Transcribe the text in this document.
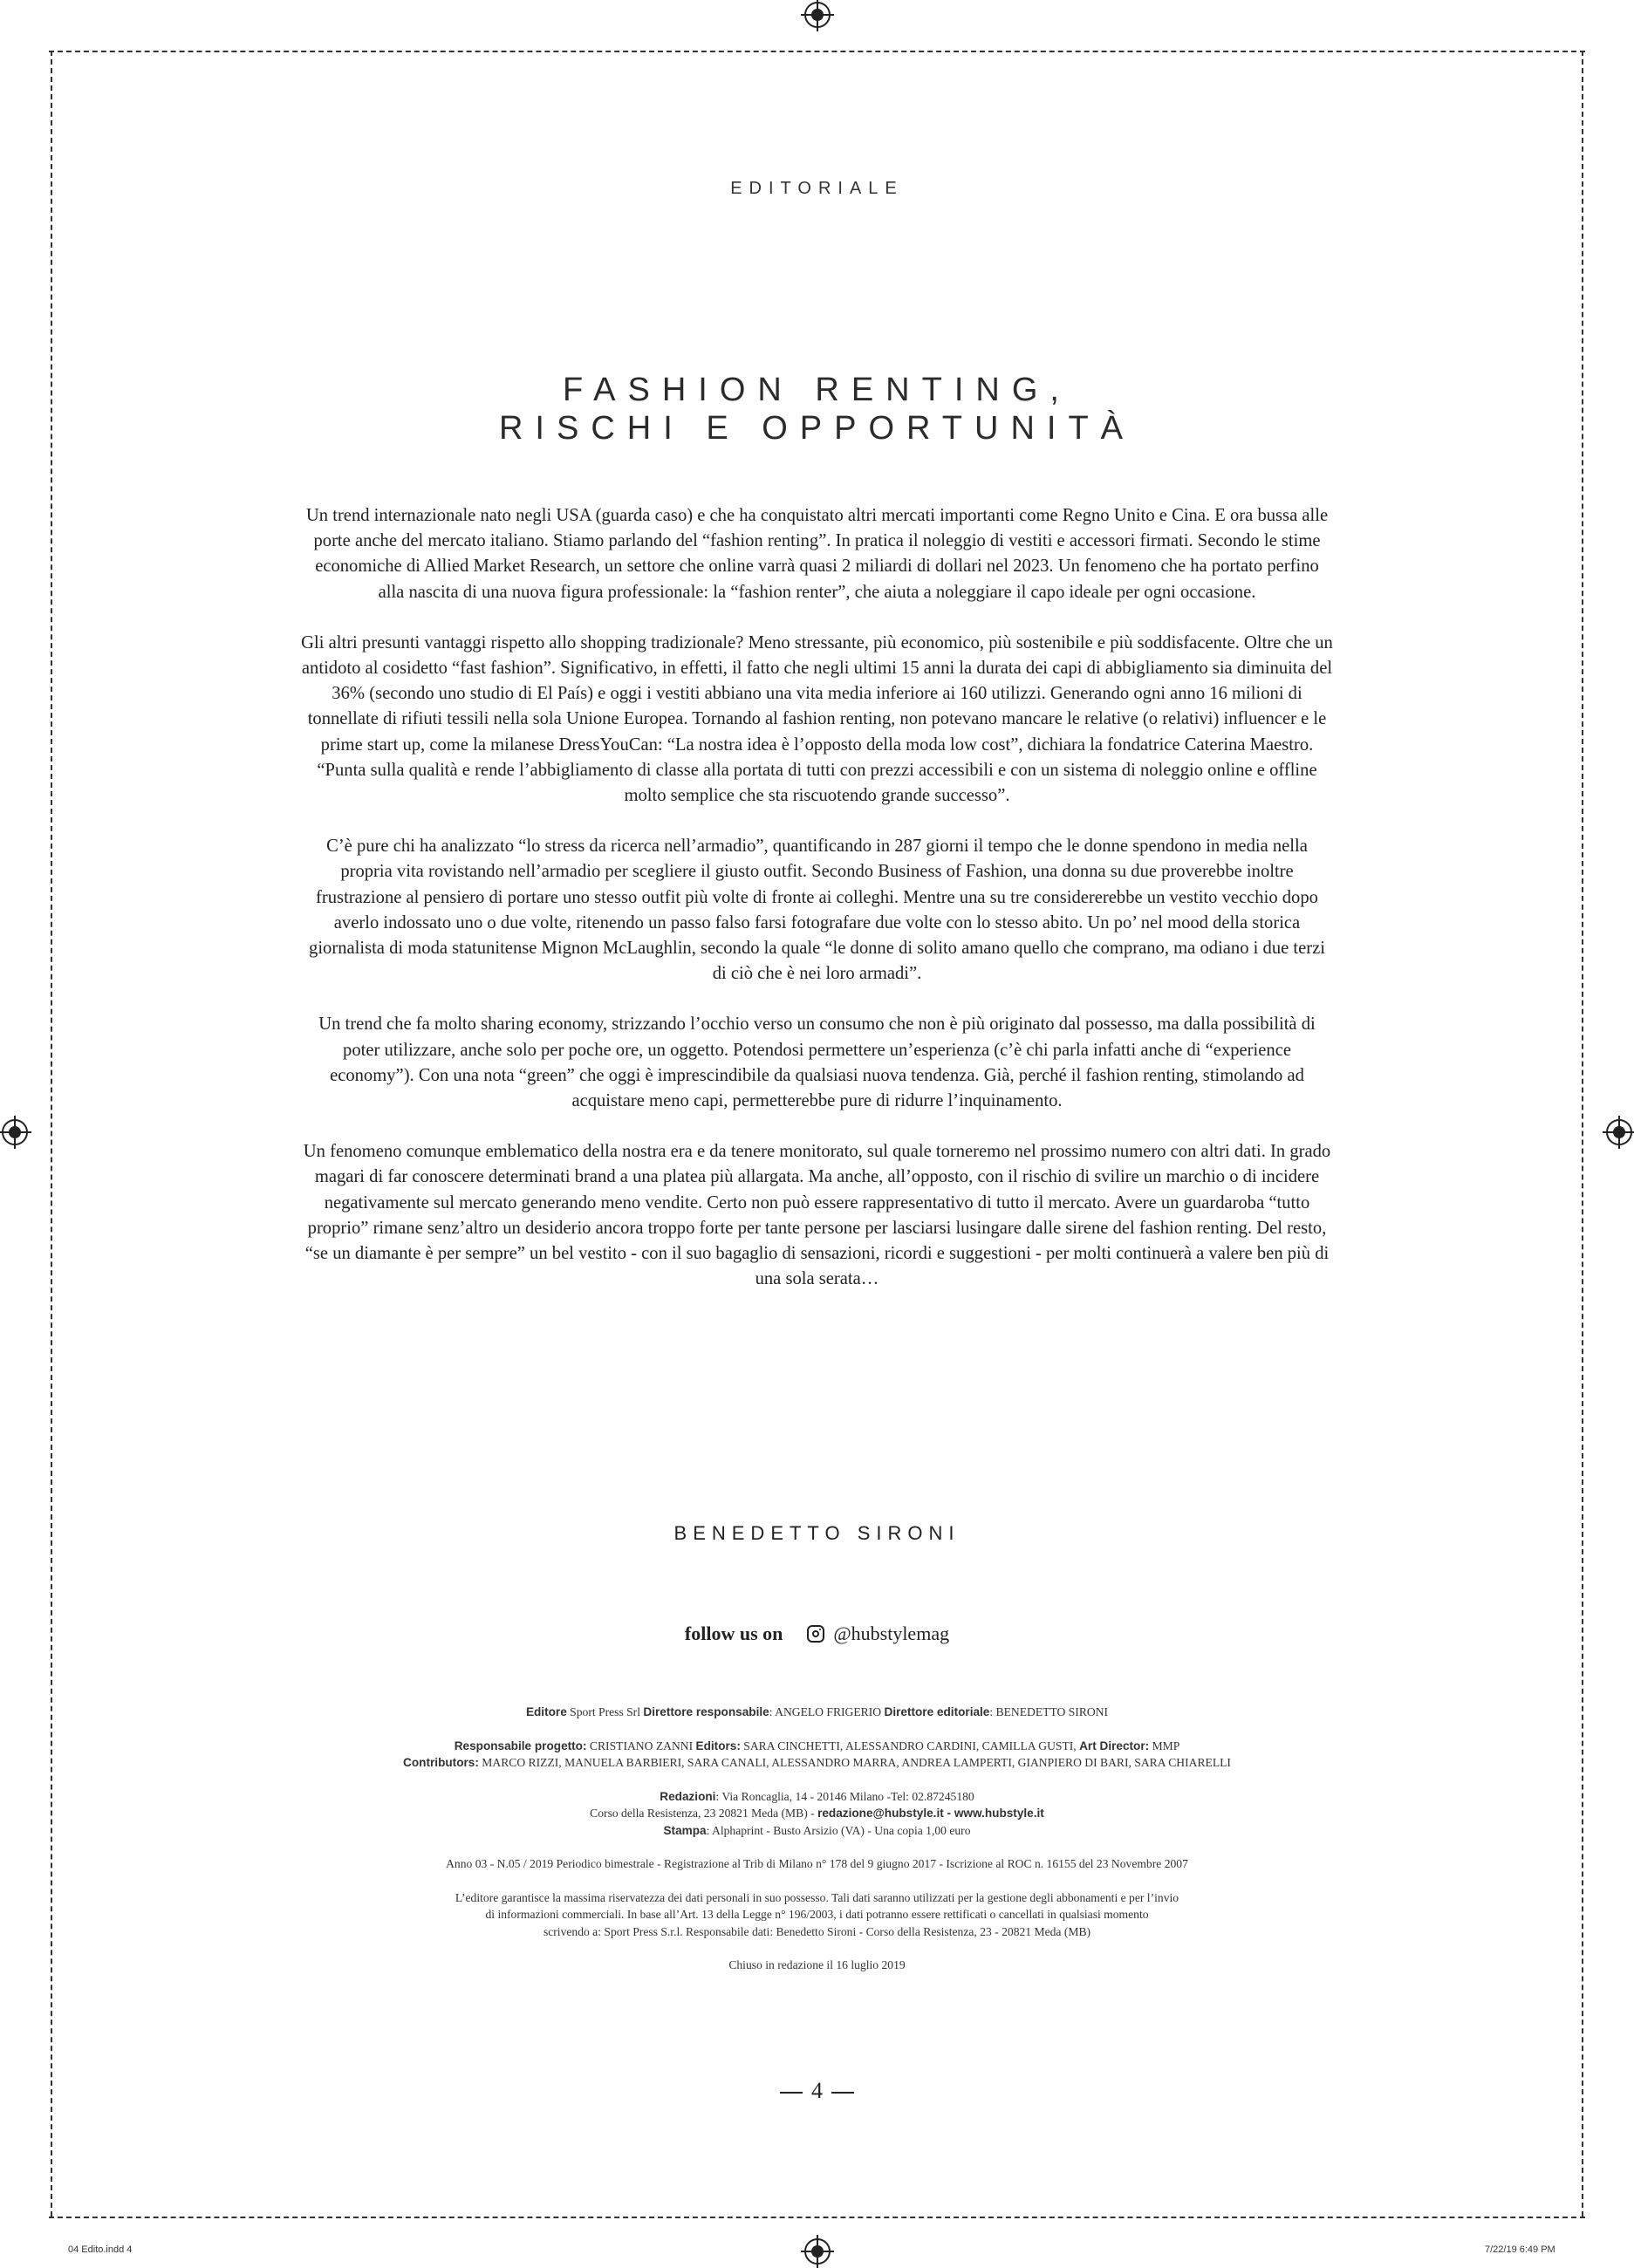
EDITORIALE
FASHION RENTING,
RISCHI E OPPORTUNITÀ

Un trend internazionale nato negli USA (guarda caso) e che ha conquistato altri mercati importanti come Regno Unito e Cina. E ora bussa alle porte anche del mercato italiano. Stiamo parlando del “fashion renting”. In pratica il noleggio di vestiti e accessori firmati. Secondo le stime economiche di Allied Market Research, un settore che online varrà quasi 2 miliardi di dollari nel 2023. Un fenomeno che ha portato perfino alla nascita di una nuova figura professionale: la “fashion renter”, che aiuta a noleggiare il capo ideale per ogni occasione.

Gli altri presunti vantaggi rispetto allo shopping tradizionale? Meno stressante, più economico, più sostenibile e più soddisfacente. Oltre che un antidoto al cosidetto “fast fashion”. Significativo, in effetti, il fatto che negli ultimi 15 anni la durata dei capi di abbigliamento sia diminuita del 36% (secondo uno studio di El País) e oggi i vestiti abbiano una vita media inferiore ai 160 utilizzi. Generando ogni anno 16 milioni di tonnellate di rifiuti tessili nella sola Unione Europea. Tornando al fashion renting, non potevano mancare le relative (o relativi) influencer e le prime start up, come la milanese DressYouCan: “La nostra idea è l’opposto della moda low cost”, dichiara la fondatrice Caterina Maestro. “Punta sulla qualità e rende l’abbigliamento di classe alla portata di tutti con prezzi accessibili e con un sistema di noleggio online e offline molto semplice che sta riscuotendo grande successo”.

C’è pure chi ha analizzato “lo stress da ricerca nell’armadio”, quantificando in 287 giorni il tempo che le donne spendono in media nella propria vita rovistando nell’armadio per scegliere il giusto outfit. Secondo Business of Fashion, una donna su due proverebbe inoltre frustrazione al pensiero di portare uno stesso outfit più volte di fronte ai colleghi. Mentre una su tre considererebbe un vestito vecchio dopo averlo indossato uno o due volte, ritenendo un passo falso farsi fotografare due volte con lo stesso abito. Un po’ nel mood della storica giornalista di moda statunitense Mignon McLaughlin, secondo la quale “le donne di solito amano quello che comprano, ma odiano i due terzi di ciò che è nei loro armadi”.

Un trend che fa molto sharing economy, strizzando l’occhio verso un consumo che non è più originato dal possesso, ma dalla possibilità di poter utilizzare, anche solo per poche ore, un oggetto. Potendosi permettere un’esperienza (c’è chi parla infatti anche di “experience economy”). Con una nota “green” che oggi è imprescindibile da qualsiasi nuova tendenza. Già, perché il fashion renting, stimolando ad acquistare meno capi, permetterebbe pure di ridurre l’inquinamento.

Un fenomeno comunque emblematico della nostra era e da tenere monitorato, sul quale torneremo nel prossimo numero con altri dati. In grado magari di far conoscere determinati brand a una platea più allargata. Ma anche, all’opposto, con il rischio di svilire un marchio o di incidere negativamente sul mercato generando meno vendite. Certo non può essere rappresentativo di tutto il mercato. Avere un guardaroba “tutto proprio” rimane senz’altro un desiderio ancora troppo forte per tante persone per lasciarsi lusingare dalle sirene del fashion renting. Del resto, “se un diamante è per sempre” un bel vestito - con il suo bagaglio di sensazioni, ricordi e suggestioni - per molti continuerà a valere ben più di una sola serata…

BENEDETTO SIRONI
follow us on	@hubstylemag
Editore Sport Press Srl Direttore responsabile: ANGELO FRIGERIO Direttore editoriale: BENEDETTO SIRONI
Responsabile progetto: CRISTIANO ZANNI Editors: SARA CINCHETTI, ALESSANDRO CARDINI, CAMILLA GUSTI, Art Director: MMP
Contributors: MARCO RIZZI, MANUELA BARBIERI, SARA CANALI, ALESSANDRO MARRA, ANDREA LAMPERTI, GIANPIERO DI BARI, SARA CHIARELLI
Redazioni: Via Roncaglia, 14 - 20146 Milano -Tel: 02.87245180
Corso della Resistenza, 23 20821 Meda (MB) - redazione@hubstyle.it - www.hubstyle.it
Stampa: Alphaprint - Busto Arsizio (VA) - Una copia 1,00 euro
Anno 03 - N.05 / 2019 Periodico bimestrale - Registrazione al Trib di Milano n° 178 del 9 giugno 2017 - Iscrizione al ROC n. 16155 del 23 Novembre 2007
L’editore garantisce la massima riservatezza dei dati personali in suo possesso. Tali dati saranno utilizzati per la gestione degli abbonamenti e per l’invio
di informazioni commerciali. In base all’Art. 13 della Legge n° 196/2003, i dati potranno essere rettificati o cancellati in qualsiasi momento
scrivendo a: Sport Press S.r.l. Responsabile dati: Benedetto Sironi - Corso della Resistenza, 23 - 20821 Meda (MB)
Chiuso in redazione il 16 luglio 2019
4
04 Edito.indd 4	7/22/19 6:49 PM
